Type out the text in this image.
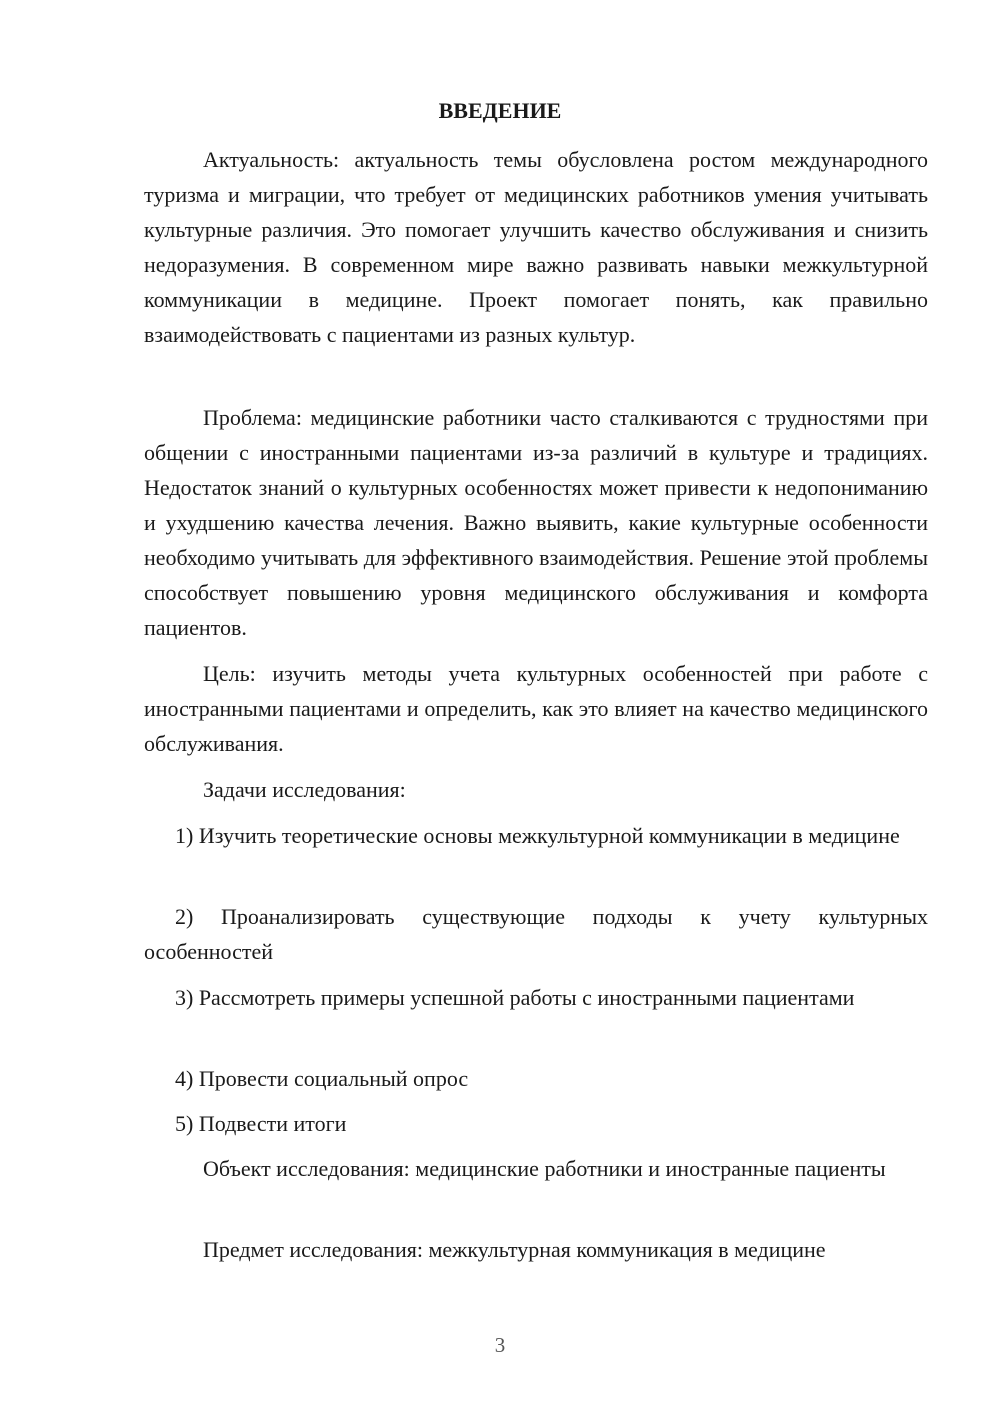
ВВЕДЕНИЕ

Актуальность: актуальность темы обусловлена ростом международного туризма и миграции, что требует от медицинских работников умения учитывать культурные различия. Это помогает улучшить качество обслуживания и снизить недоразумения. В современном мире важно развивать навыки межкультурной коммуникации в медицине. Проект помогает понять, как правильно взаимодействовать с пациентами из разных культур.

Проблема: медицинские работники часто сталкиваются с трудностями при общении с иностранными пациентами из-за различий в культуре и традициях. Недостаток знаний о культурных особенностях может привести к недопониманию и ухудшению качества лечения. Важно выявить, какие культурные особенности необходимо учитывать для эффективного взаимодействия. Решение этой проблемы способствует повышению уровня медицинского обслуживания и комфорта пациентов.

Цель: изучить методы учета культурных особенностей при работе с иностранными пациентами и определить, как это влияет на качество медицинского обслуживания.

Задачи исследования:

1) Изучить теоретические основы межкультурной коммуникации в медицине

2) Проанализировать существующие подходы к учету культурных особенностей

3) Рассмотреть примеры успешной работы с иностранными пациентами

4) Провести социальный опрос

5) Подвести итоги

Объект исследования: медицинские работники и иностранные пациенты

Предмет исследования: межкультурная коммуникация в медицине

3
